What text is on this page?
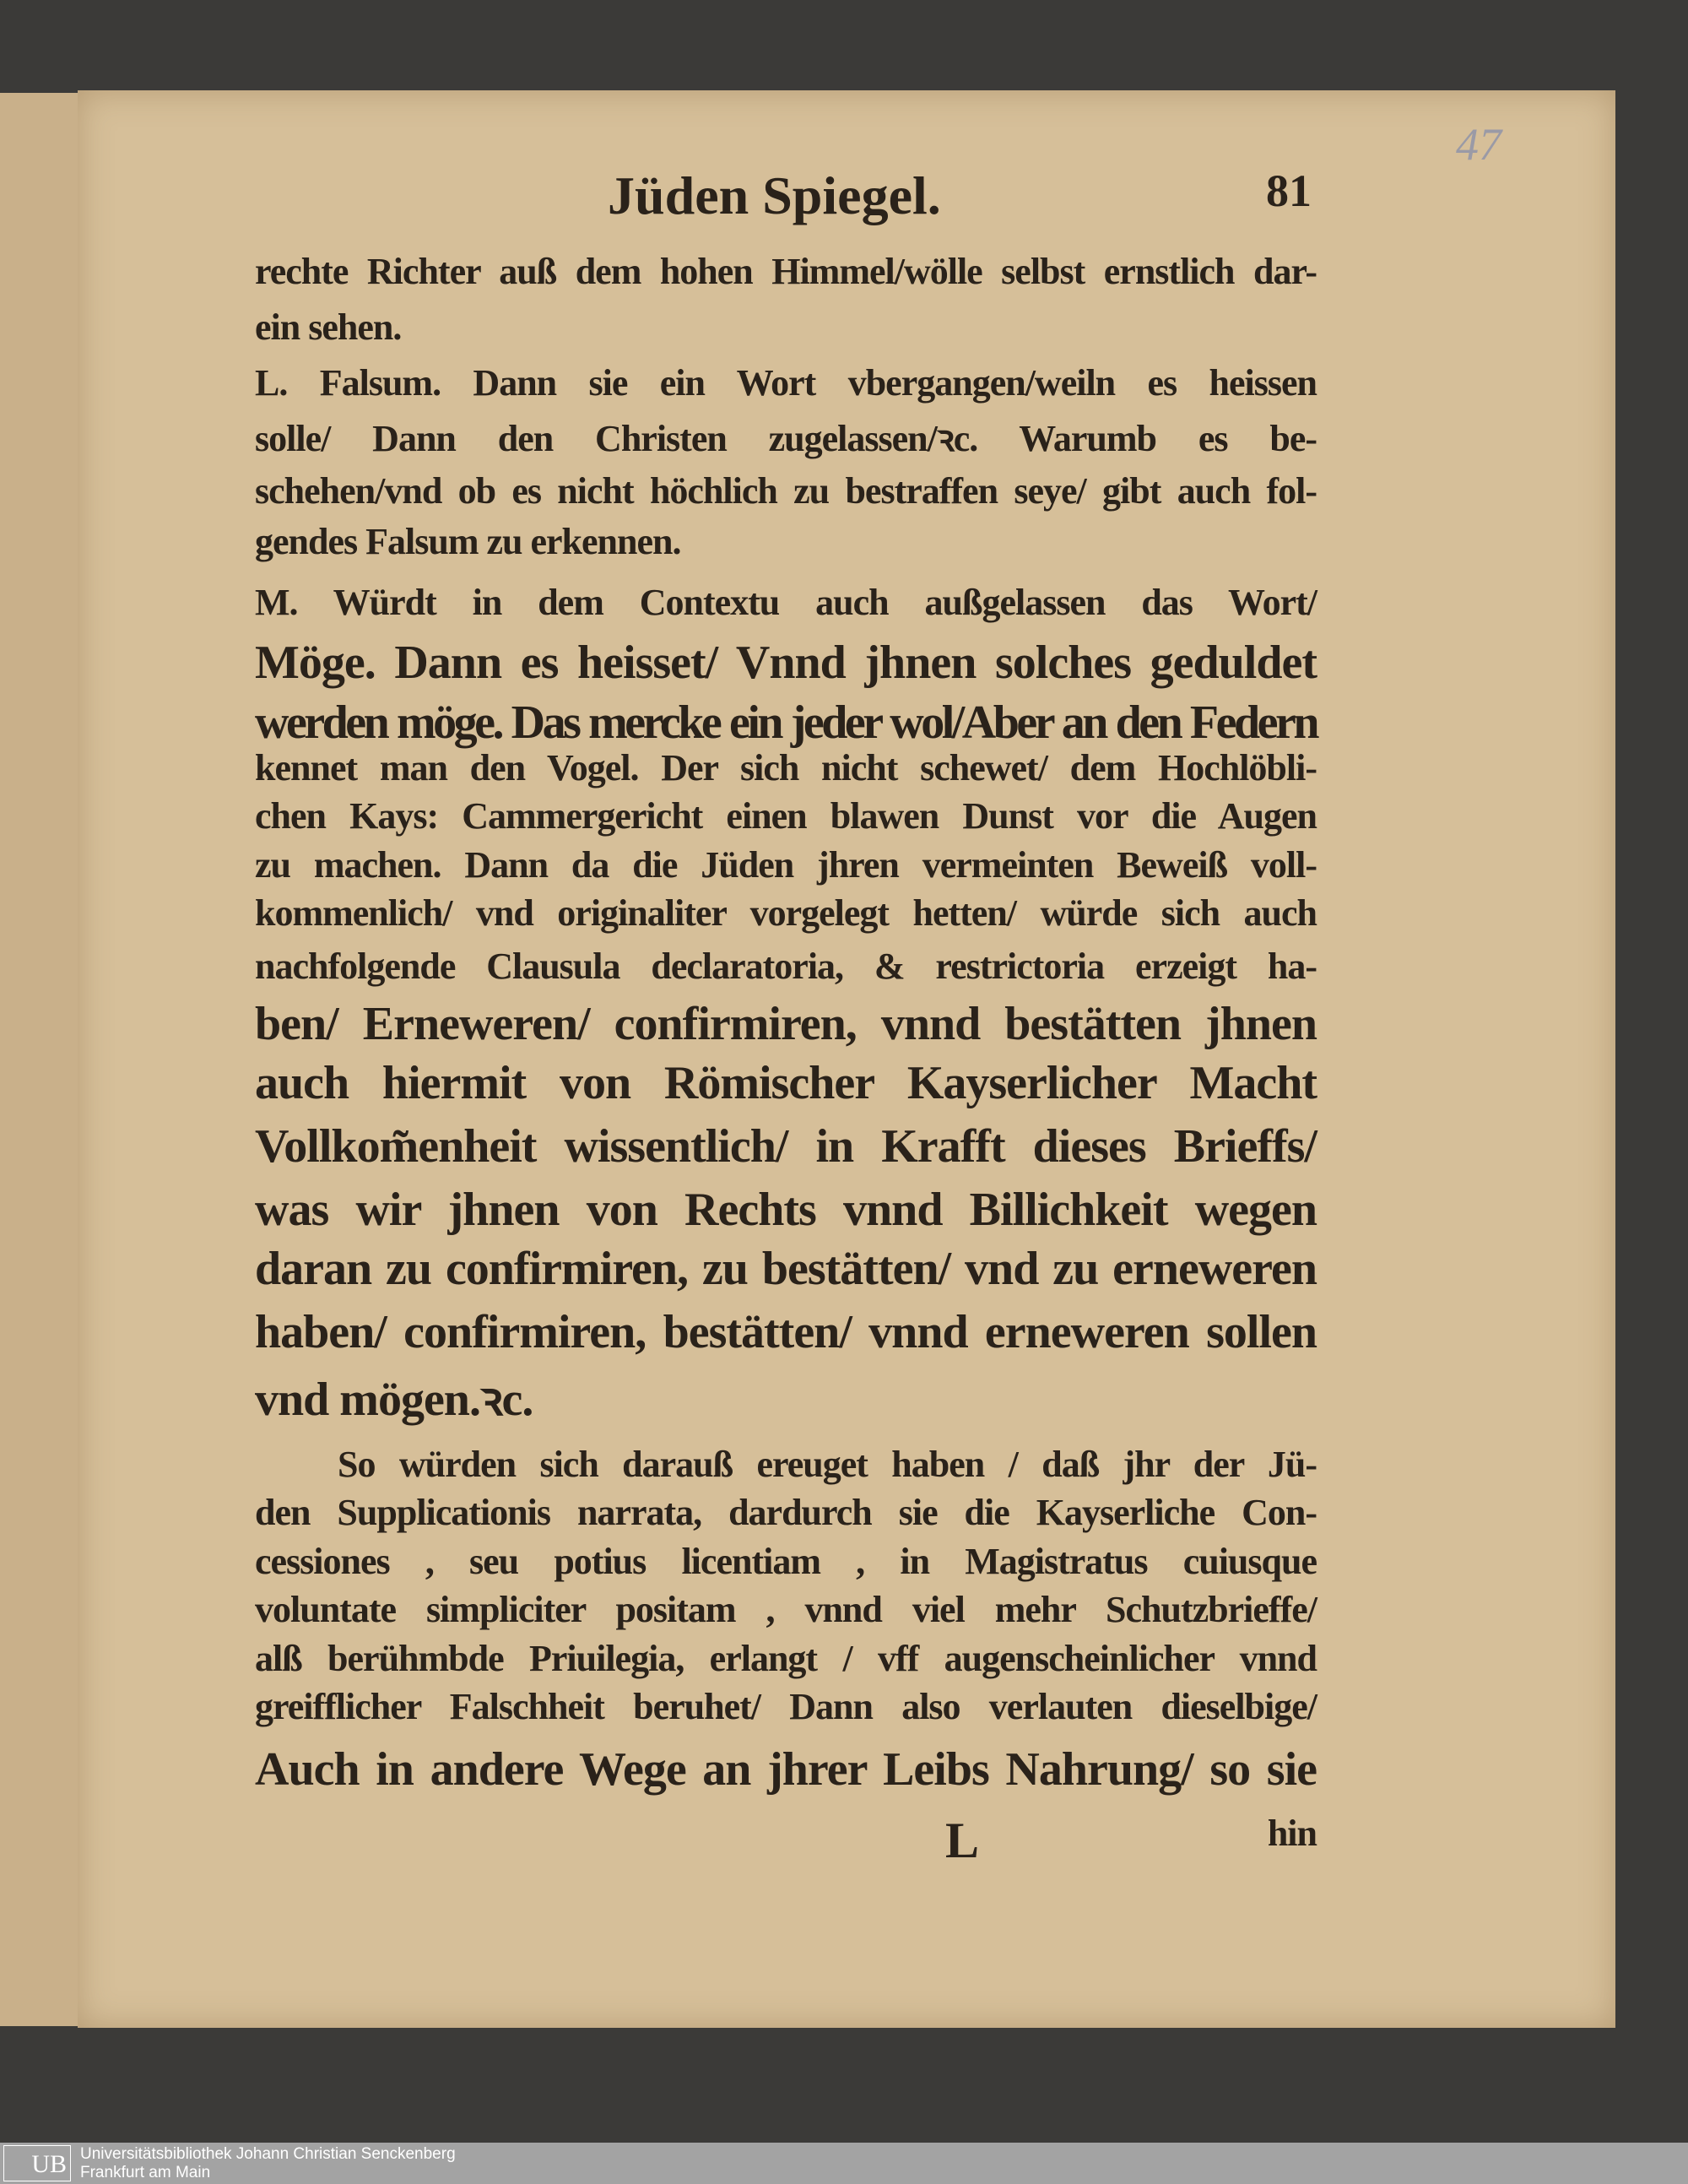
47
Jüden Spiegel.	81
rechte Richter auß dem hohen Himmel/wölle selbst ernstlich dar-
ein sehen.
L. Falsum. Dann sie ein Wort vbergangen/weiln es heissen
solle/ Dann den Christen zugelassen/ꝛc. Warumb es be-
schehen/vnd ob es nicht höchlich zu bestraffen seye/ gibt auch fol-
gendes Falsum zu erkennen.
M. Würdt in dem Contextu auch außgelassen das Wort/
Möge. Dann es heisset/ Vnnd jhnen solches geduldet
werden möge. Das mercke ein jeder wol/Aber an den Federn
kennet man den Vogel. Der sich nicht schewet/ dem Hochlöbli-
chen Kays: Cammergericht einen blawen Dunst vor die Augen
zu machen. Dann da die Jüden jhren vermeinten Beweiß voll-
kommenlich/ vnd originaliter vorgelegt hetten/ würde sich auch
nachfolgende Clausula declaratoria, & restrictoria erzeigt ha-
ben/ Erneweren/ confirmiren, vnnd bestätten jhnen
auch hiermit von Römischer Kayserlicher Macht
Vollkom̃enheit wissentlich/ in Krafft dieses Brieffs/
was wir jhnen von Rechts vnnd Billichkeit wegen
daran zu confirmiren, zu bestätten/ vnd zu erneweren
haben/ confirmiren, bestätten/ vnnd erneweren sollen
vnd mögen.ꝛc.
So würden sich darauß ereuget haben / daß jhr der Jü-
den Supplicationis narrata, dardurch sie die Kayserliche Con-
cessiones , seu potius licentiam , in Magistratus cuiusque
voluntate simpliciter positam , vnnd viel mehr Schutzbrieffe/
alß berühmbde Priuilegia, erlangt / vff augenscheinlicher vnnd
greifflicher Falschheit beruhet/ Dann also verlauten dieselbige/
Auch in andere Wege an jhrer Leibs Nahrung/ so sie
L	hin
UB Universitätsbibliothek Johann Christian Senckenberg
Frankfurt am Main
